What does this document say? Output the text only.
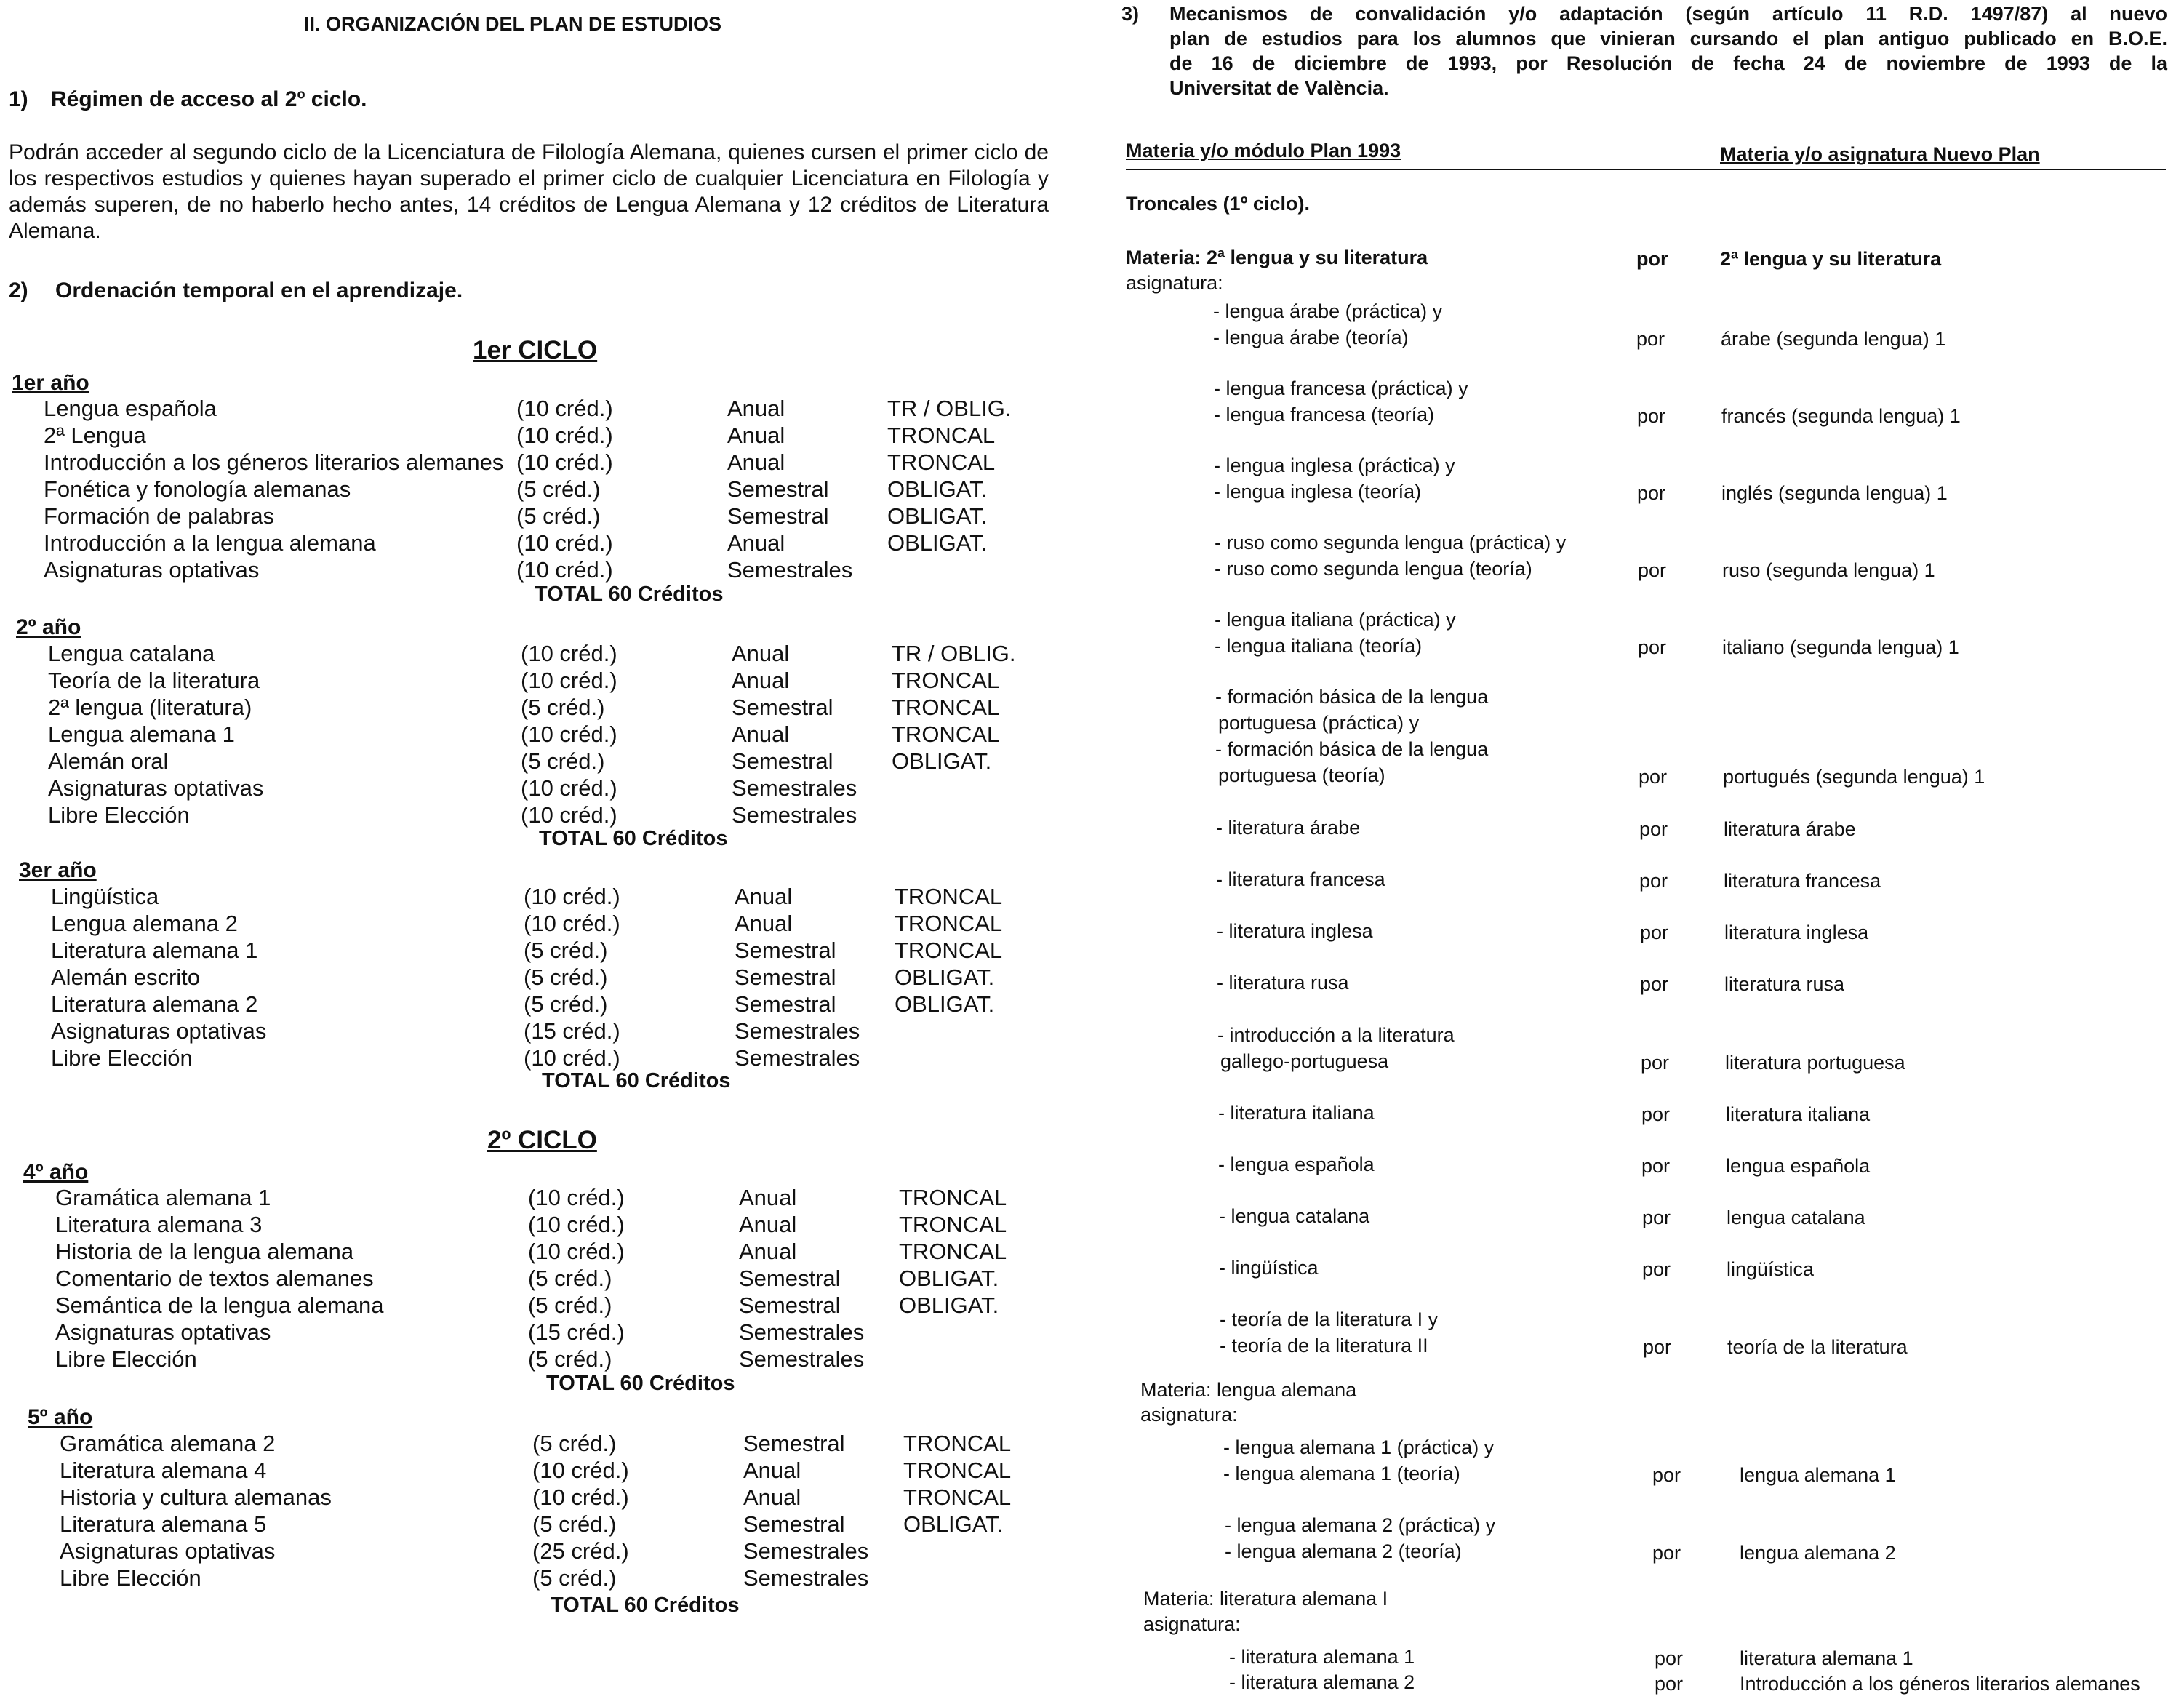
II. ORGANIZACIÓN DEL PLAN DE ESTUDIOS
1) Régimen de acceso al 2º ciclo.

Podrán acceder al segundo ciclo de la Licenciatura de Filología Alemana, quienes cursen el primer ciclo de los respectivos estudios y quienes hayan superado el primer ciclo de cualquier Licenciatura en Filología y además superen, de no haberlo hecho antes, 14 créditos de Lengua Alemana y 12 créditos de Literatura Alemana.

2) Ordenación temporal en el aprendizaje.
1er CICLO
2º CICLO
1er año
Lengua española	(10 créd.)	Anual	TR / OBLIG.
2ª Lengua	(10 créd.)	Anual	TRONCAL
Introducción a los géneros literarios alemanes (10 créd.)	Anual	TRONCAL
Fonética y fonología alemanas	(5 créd.)	Semestral	OBLIGAT.
Formación de palabras	(5 créd.)	Semestral	OBLIGAT.
Introducción a la lengua alemana	(10 créd.)	Anual	OBLIGAT.
Asignaturas optativas	(10 créd.)	Semestrales
TOTAL 60 Créditos
2º año
Lengua catalana	(10 créd.)	Anual	TR / OBLIG.
Teoría de la literatura	(10 créd.)	Anual	TRONCAL
2ª lengua (literatura)	(5 créd.)	Semestral	TRONCAL
Lengua alemana 1	(10 créd.)	Anual	TRONCAL
Alemán oral	(5 créd.)	Semestral	OBLIGAT.
Asignaturas optativas	(10 créd.)	Semestrales
Libre Elección	(10 créd.)	Semestrales
TOTAL 60 Créditos
3er año
Lingüística	(10 créd.)	Anual	TRONCAL
Lengua alemana 2	(10 créd.)	Anual	TRONCAL
Literatura alemana 1	(5 créd.)	Semestral	TRONCAL
Alemán escrito	(5 créd.)	Semestral	OBLIGAT.
Literatura alemana 2	(5 créd.)	Semestral	OBLIGAT.
Asignaturas optativas	(15 créd.)	Semestrales
Libre Elección	(10 créd.)	Semestrales
TOTAL 60 Créditos
4º año
Gramática alemana 1	(10 créd.)	Anual	TRONCAL
Literatura alemana 3	(10 créd.)	Anual	TRONCAL
Historia de la lengua alemana	(10 créd.)	Anual	TRONCAL
Comentario de textos alemanes	(5 créd.)	Semestral	OBLIGAT.
Semántica de la lengua alemana	(5 créd.)	Semestral	OBLIGAT.
Asignaturas optativas	(15 créd.)	Semestrales
Libre Elección	(5 créd.)	Semestrales
TOTAL 60 Créditos
5º año
Gramática alemana 2	(5 créd.)	Semestral	TRONCAL
Literatura alemana 4	(10 créd.)	Anual	TRONCAL
Historia y cultura alemanas	(10 créd.)	Anual	TRONCAL
Literatura alemana 5	(5 créd.)	Semestral	OBLIGAT.
Asignaturas optativas	(25 créd.)	Semestrales
Libre Elección	(5 créd.)	Semestrales
TOTAL 60 Créditos
3) Mecanismos de convalidación y/o adaptación (según artículo 11 R.D. 1497/87) al nuevo
plan de estudios para los alumnos que vinieran cursando el plan antiguo publicado en B.O.E.
de 16 de diciembre de 1993, por Resolución de fecha 24 de noviembre de 1993 de la
Universitat de València.
Materia y/o módulo Plan 1993	Materia y/o asignatura Nuevo Plan
Troncales (1º ciclo).
Materia: 2ª lengua y su literatura	por	2ª lengua y su literatura
asignatura:
- lengua árabe (práctica) y
- lengua árabe (teoría)	por	árabe (segunda lengua) 1
- lengua francesa (práctica) y
- lengua francesa (teoría)	por	francés (segunda lengua) 1
- lengua inglesa (práctica) y
- lengua inglesa (teoría)	por	inglés (segunda lengua) 1
- ruso como segunda lengua (práctica) y
- ruso como segunda lengua (teoría)	por	ruso (segunda lengua) 1
- lengua italiana (práctica) y
- lengua italiana (teoría)	por	italiano (segunda lengua) 1
- formación básica de la lengua
portuguesa (práctica) y
- formación básica de la lengua
portuguesa (teoría)	por	portugués (segunda lengua) 1
- literatura árabe	por	literatura árabe
- literatura francesa	por	literatura francesa
- literatura inglesa	por	literatura inglesa
- literatura rusa	por	literatura rusa
- introducción a la literatura
gallego-portuguesa	por	literatura portuguesa
- literatura italiana	por	literatura italiana
- lengua española	por	lengua española
- lengua catalana	por	lengua catalana
- lingüística	por	lingüística
- teoría de la literatura I y
- teoría de la literatura II	por	teoría de la literatura
- lengua alemana 1 (práctica) y
- lengua alemana 1 (teoría)	por	lengua alemana 1
- lengua alemana 2 (práctica) y
- lengua alemana 2 (teoría)	por	lengua alemana 2
- literatura alemana 1	por	literatura alemana 1
- literatura alemana 2	por	Introducción a los géneros literarios alemanes
Materia: lengua alemana
asignatura:
Materia: literatura alemana I
asignatura:
